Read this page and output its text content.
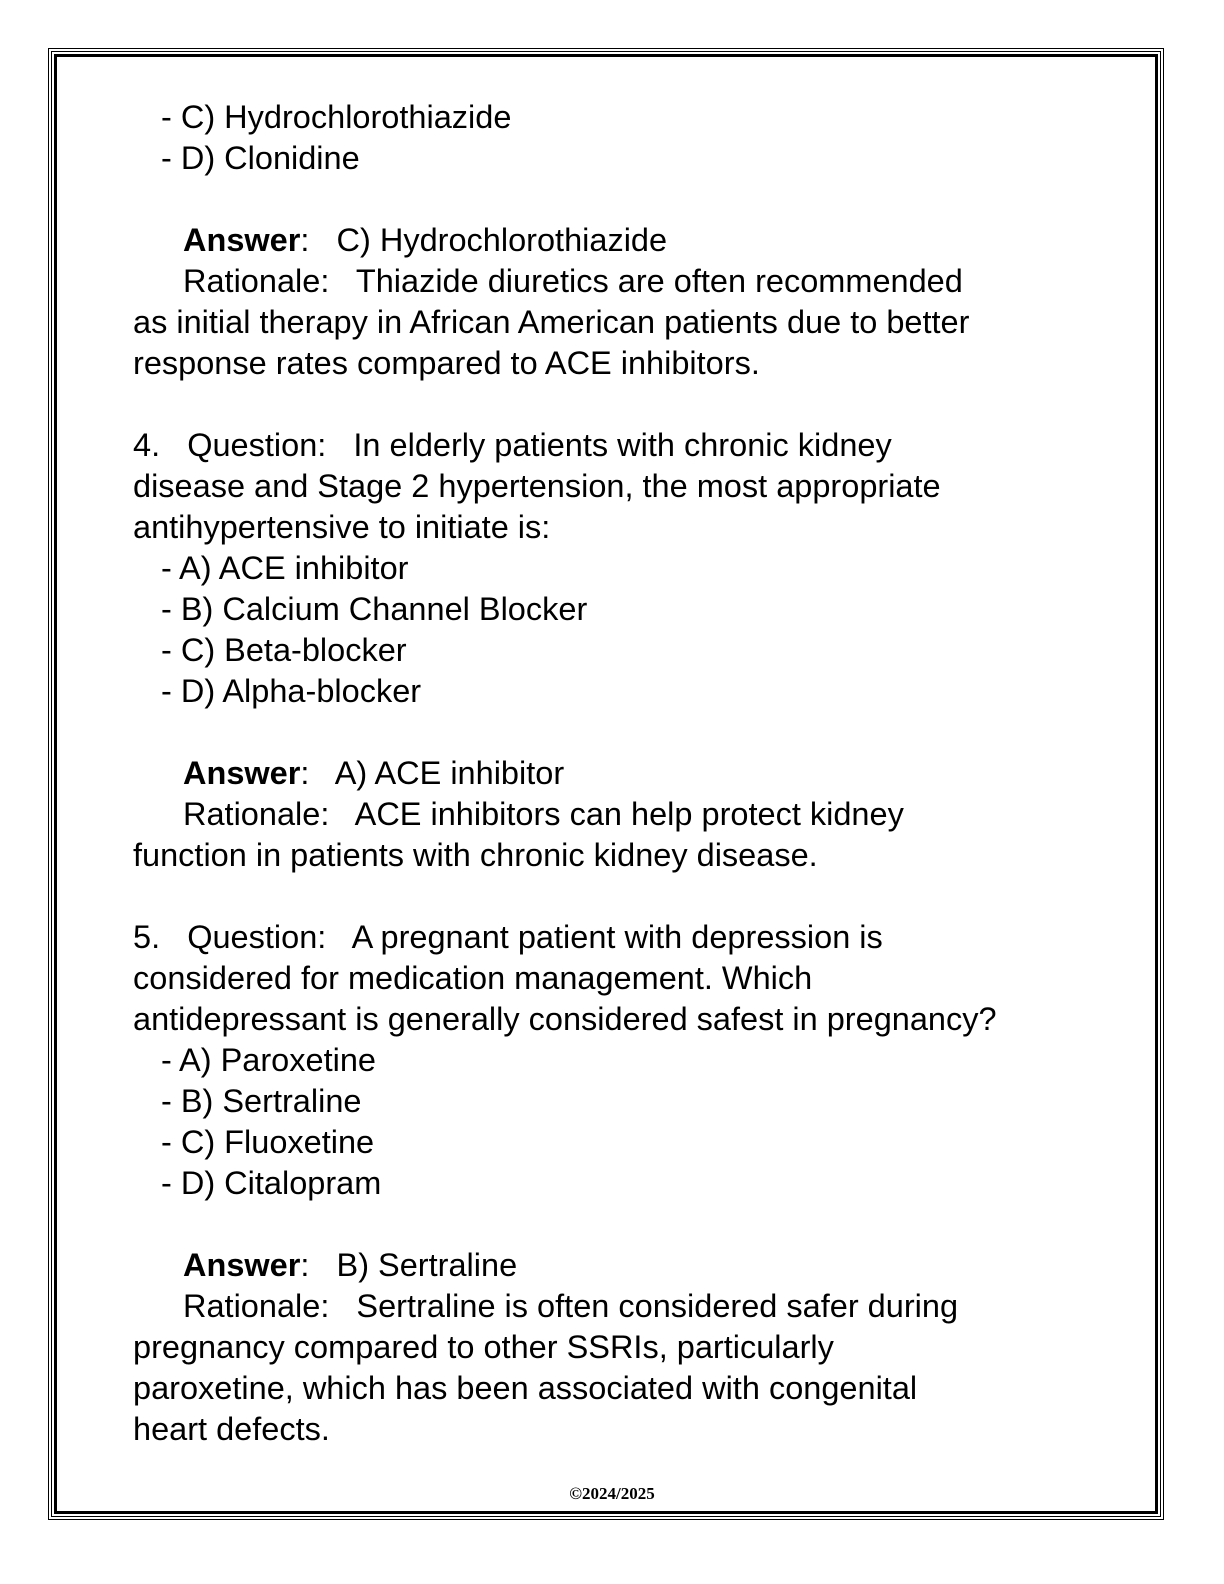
- C) Hydrochlorothiazide
- D) Clonidine
Answer:   C) Hydrochlorothiazide
Rationale:   Thiazide diuretics are often recommended
as initial therapy in African American patients due to better
response rates compared to ACE inhibitors.
4.   Question:   In elderly patients with chronic kidney
disease and Stage 2 hypertension, the most appropriate
antihypertensive to initiate is:
- A) ACE inhibitor
- B) Calcium Channel Blocker
- C) Beta-blocker
- D) Alpha-blocker
Answer:   A) ACE inhibitor
Rationale:   ACE inhibitors can help protect kidney
function in patients with chronic kidney disease.
5.   Question:   A pregnant patient with depression is
considered for medication management. Which
antidepressant is generally considered safest in pregnancy?
- A) Paroxetine
- B) Sertraline
- C) Fluoxetine
- D) Citalopram
Answer:   B) Sertraline
Rationale:   Sertraline is often considered safer during
pregnancy compared to other SSRIs, particularly
paroxetine, which has been associated with congenital
heart defects.
©2024/2025
